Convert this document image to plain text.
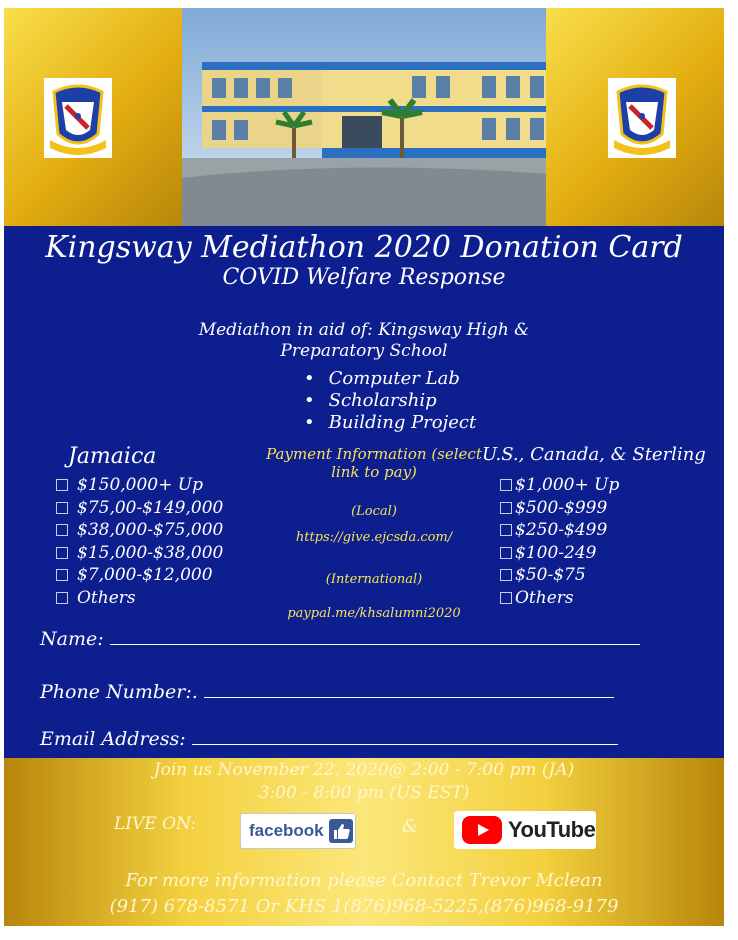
Kingsway Mediathon 2020 Donation Card
COVID Welfare Response
Mediathon in aid of: Kingsway High & Preparatory School
• Computer Lab
• Scholarship
• Building Project
Jamaica
$150,000+ Up
$75,00-$149,000
$38,000-$75,000
$15,000-$38,000
$7,000-$12,000
Others
Payment Information (select link to pay)
(Local)
https://give.ejcsda.com/
(International)
paypal.me/khsalumni2020
U.S., Canada, & Sterling
$1,000+ Up
$500-$999
$250-$499
$100-249
$50-$75
Others
Name:
Phone Number:.
Email Address:
Join us November 22, 2020@ 2:00 - 7:00 pm (JA)
3:00 - 8:00 pm (US EST)
LIVE ON:	facebook	&	YouTube
For more information please Contact Trevor Mclean
(917) 678-8571 Or KHS 1(876)968-5225,(876)968-9179
